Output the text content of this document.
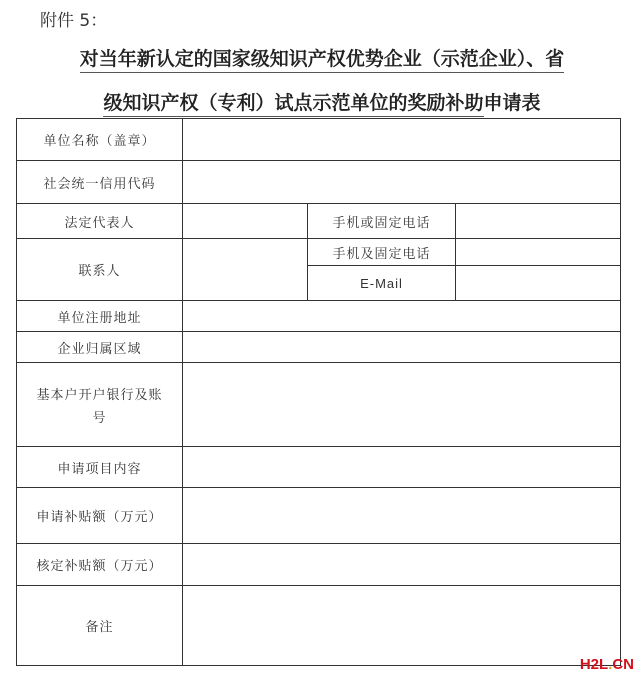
附件 5：
对当年新认定的国家级知识产权优势企业（示范企业）、省
级知识产权（专利）试点示范单位的奖励补助申请表
单位名称（盖章）			
社会统一信用代码			
法定代表人		手机或固定电话	
联系人		手机及固定电话	
		E-Mail	
单位注册地址			
企业归属区域			

基本户开户银行及账
号			

申请项目内容			
申请补贴额（万元）			
核定补贴额（万元）			
备注			
H2L.CN
